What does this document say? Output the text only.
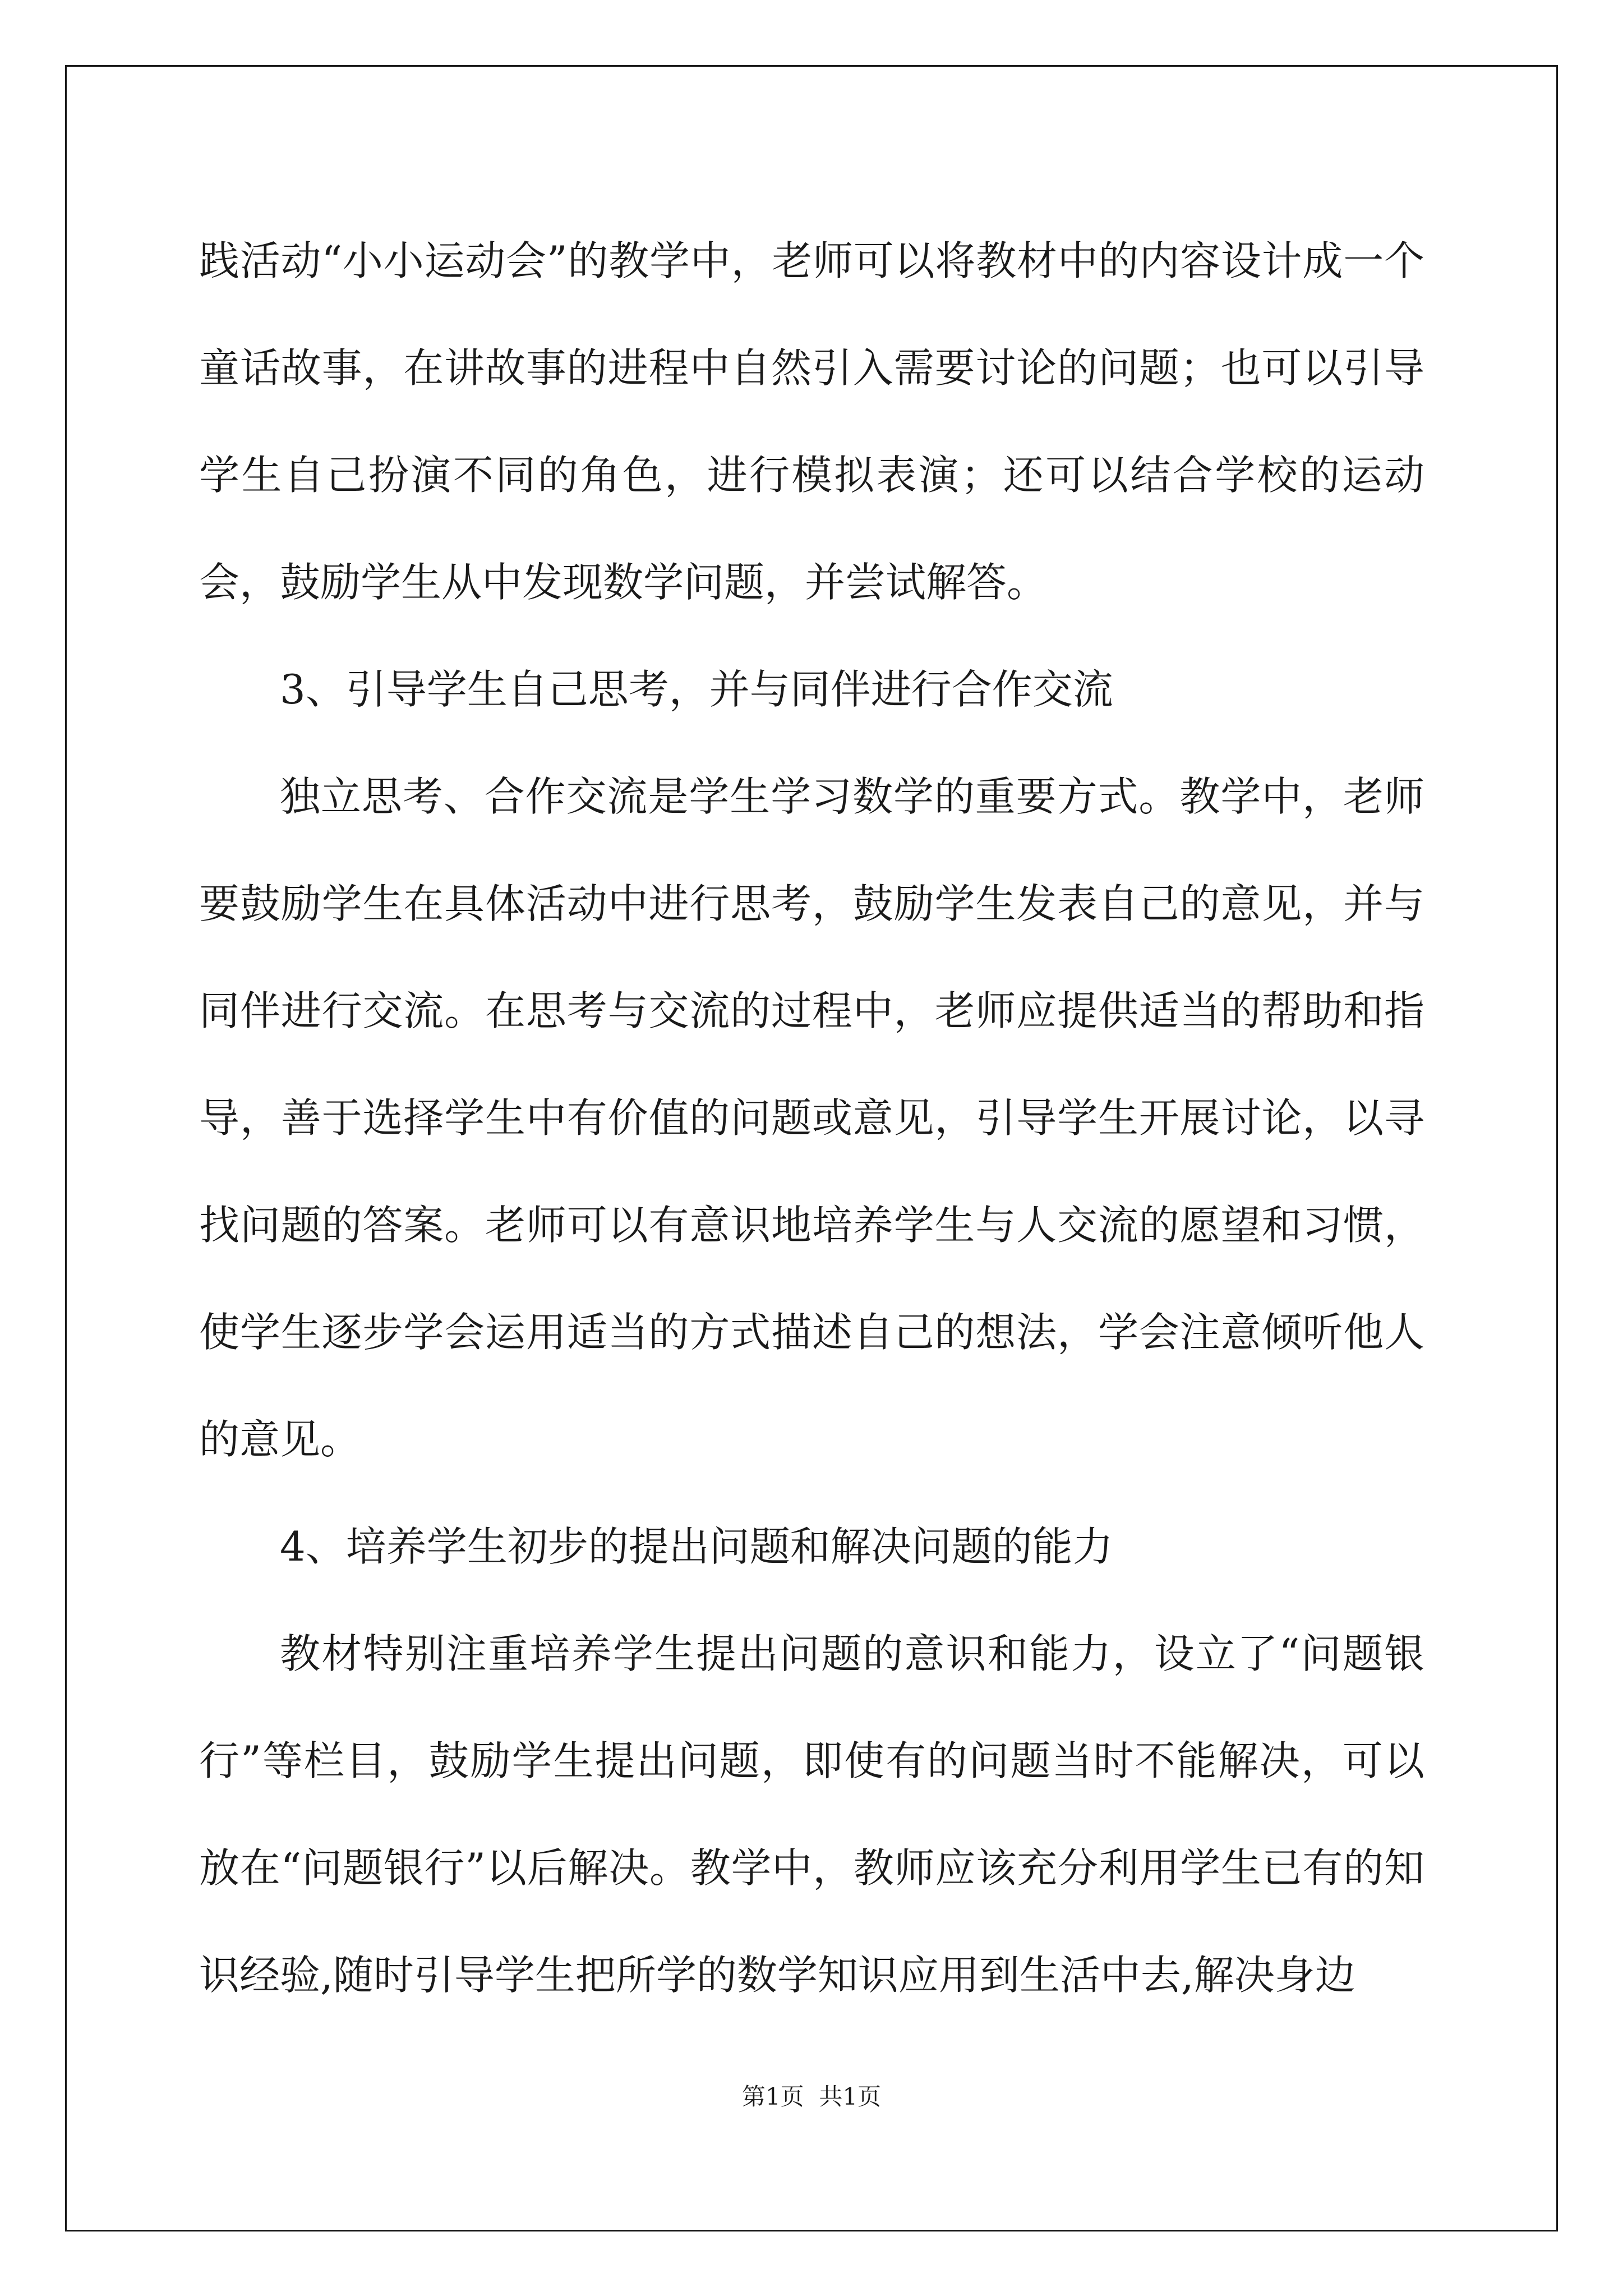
践活动“小小运动会”的教学中，老师可以将教材中的内容设计成一个童话故事，在讲故事的进程中自然引入需要讨论的问题；也可以引导学生自己扮演不同的角色，进行模拟表演；还可以结合学校的运动会，鼓励学生从中发现数学问题，并尝试解答。

3、引导学生自己思考，并与同伴进行合作交流

独立思考、合作交流是学生学习数学的重要方式。教学中，老师要鼓励学生在具体活动中进行思考，鼓励学生发表自己的意见，并与同伴进行交流。在思考与交流的过程中，老师应提供适当的帮助和指导，善于选择学生中有价值的问题或意见，引导学生开展讨论，以寻找问题的答案。老师可以有意识地培养学生与人交流的愿望和习惯，使学生逐步学会运用适当的方式描述自己的想法，学会注意倾听他人的意见。

4、培养学生初步的提出问题和解决问题的能力

教材特别注重培养学生提出问题的意识和能力，设立了“问题银行”等栏目，鼓励学生提出问题，即使有的问题当时不能解决，可以放在“问题银行”以后解决。教学中，教师应该充分利用学生已有的知识经验,随时引导学生把所学的数学知识应用到生活中去,解决身边

第1页  共1页
